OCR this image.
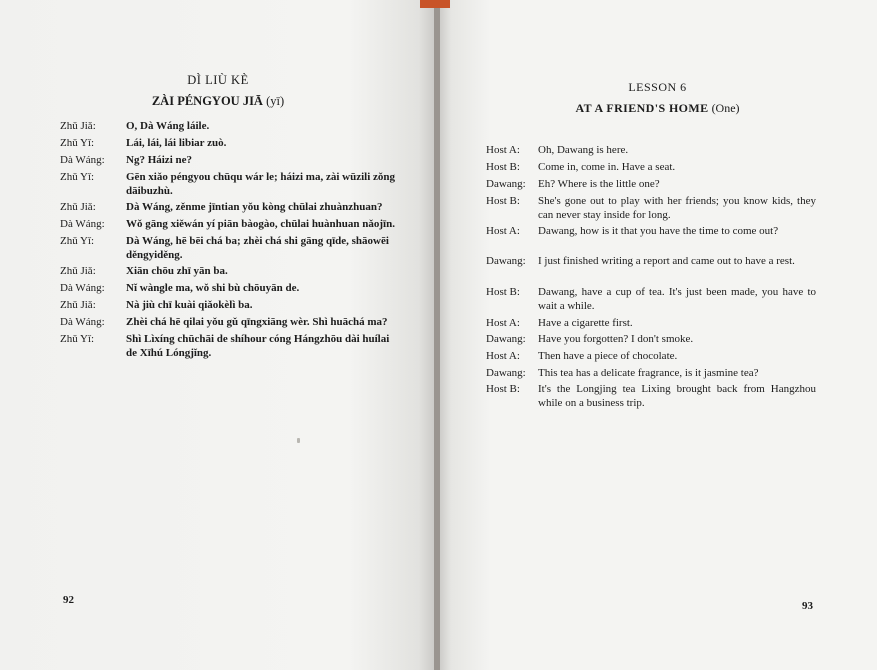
DÌ LIÙ KÈ
ZÀI PÉNGYOU JIĀ (yī)
Zhǔ Jiǎ:	O, Dà Wáng láile.
Zhǔ Yǐ:	Lái, lái, lái libiar zuò.
Dà Wáng:	Ng? Háizi ne?
Zhǔ Yǐ:	Gēn xiǎo péngyou chūqu wár le; háizi ma, zài wūzili zǒng dāibuzhù.
Zhǔ Jiǎ:	Dà Wáng, zěnme jīntian yǒu kòng chūlai zhuànzhuan?
Dà Wáng:	Wǒ gāng xiěwán yí piān bàogào, chūlai huànhuan nǎojīn.
Zhǔ Yǐ:	Dà Wáng, hē bēi chá ba; zhèi chá shi gāng qīde, shāowēi děngyiděng.
Zhǔ Jiǎ:	Xiān chōu zhī yān ba.
Dà Wáng:	Nǐ wàngle ma, wǒ shi bù chōuyān de.
Zhǔ Jiǎ:	Nà jiù chī kuài qiǎokèlì ba.
Dà Wáng:	Zhèi chá hē qilai yǒu gǔ qīngxiāng wèr. Shì huāchá ma?
Zhǔ Yǐ:	Shì Lìxíng chūchāi de shíhour cóng Hángzhōu dài huílai de Xīhú Lóngjǐng.
92
LESSON 6
AT A FRIEND'S HOME (One)
Host A:	Oh, Dawang is here.
Host B:	Come in, come in. Have a seat.
Dawang:	Eh? Where is the little one?
Host B:	She's gone out to play with her friends; you know kids, they can never stay inside for long.
Host A:	Dawang, how is it that you have the time to come out?
Dawang:	I just finished writing a report and came out to have a rest.
Host B:	Dawang, have a cup of tea. It's just been made, you have to wait a while.
Host A:	Have a cigarette first.
Dawang:	Have you forgotten? I don't smoke.
Host A:	Then have a piece of chocolate.
Dawang:	This tea has a delicate fragrance, is it jasmine tea?
Host B:	It's the Longjing tea Lixing brought back from Hangzhou while on a business trip.
93
